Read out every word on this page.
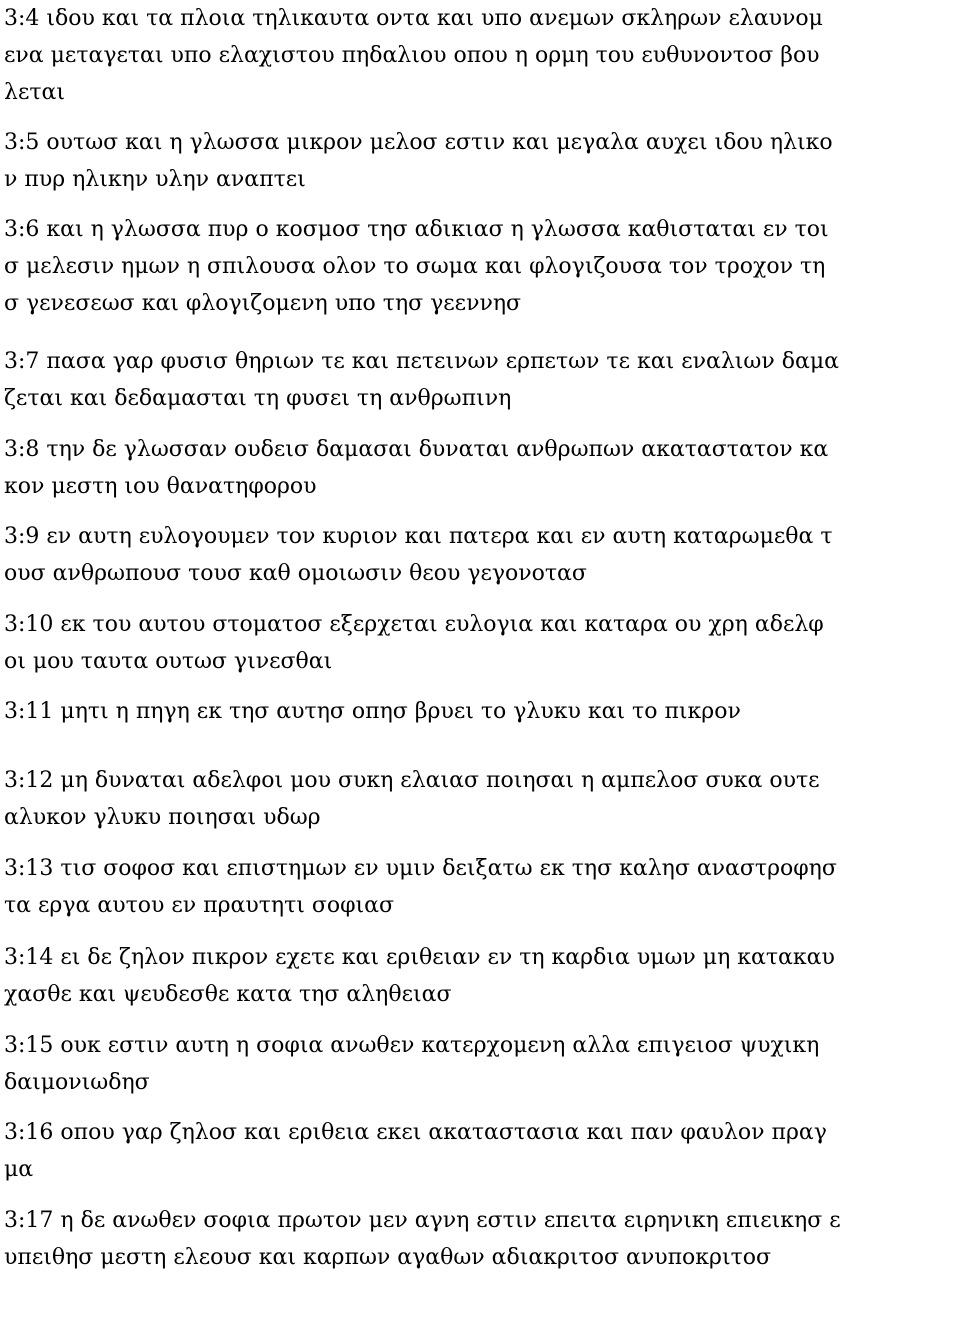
3:4 ιδου και τα πλοια τηλικαυτα οντα και υπο ανεμων σκληρων ελαυνομ
ενα μεταγεται υπο ελαχιστου πηδαλιου οπου η ορμη του ευθυνοντοσ βου
λεται

3:5 ουτωσ και η γλωσσα μικρον μελοσ εστιν και μεγαλα αυχει ιδου ηλικο
ν πυρ ηλικην υλην αναπτει

3:6 και η γλωσσα πυρ ο κοσμοσ τησ αδικιασ η γλωσσα καθισταται εν τοι
σ μελεσιν ημων η σπιλουσα ολον το σωμα και φλογιζουσα τον τροχον τη
σ γενεσεωσ και φλογιζομενη υπο τησ γεεννησ

3:7 πασα γαρ φυσισ θηριων τε και πετεινων ερπετων τε και εναλιων δαμα
ζεται και δεδαμασται τη φυσει τη ανθρωπινη

3:8 την δε γλωσσαν ουδεισ δαμασαι δυναται ανθρωπων ακαταστατον κα
κον μεστη ιου θανατηφορου

3:9 εν αυτη ευλογουμεν τον κυριον και πατερα και εν αυτη καταρωμεθα τ
ουσ ανθρωπουσ τουσ καθ ομοιωσιν θεου γεγονοτασ

3:10 εκ του αυτου στοματοσ εξερχεται ευλογια και καταρα ου χρη αδελφ
οι μου ταυτα ουτωσ γινεσθαι

3:11 μητι η πηγη εκ τησ αυτησ οπησ βρυει το γλυκυ και το πικρον

3:12 μη δυναται αδελφοι μου συκη ελαιασ ποιησαι η αμπελοσ συκα ουτε
αλυκον γλυκυ ποιησαι υδωρ

3:13 τισ σοφοσ και επιστημων εν υμιν δειξατω εκ τησ καλησ αναστροφησ
τα εργα αυτου εν πραυτητι σοφιασ

3:14 ει δε ζηλον πικρον εχετε και εριθειαν εν τη καρδια υμων μη κατακαυ
χασθε και ψευδεσθε κατα τησ αληθειασ

3:15 ουκ εστιν αυτη η σοφια ανωθεν κατερχομενη αλλα επιγειοσ ψυχικη
δαιμονιωδησ

3:16 οπου γαρ ζηλοσ και εριθεια εκει ακαταστασια και παν φαυλον πραγ
μα

3:17 η δε ανωθεν σοφια πρωτον μεν αγνη εστιν επειτα ειρηνικη επιεικησ ε
υπειθησ μεστη ελεουσ και καρπων αγαθων αδιακριτοσ ανυποκριτοσ
